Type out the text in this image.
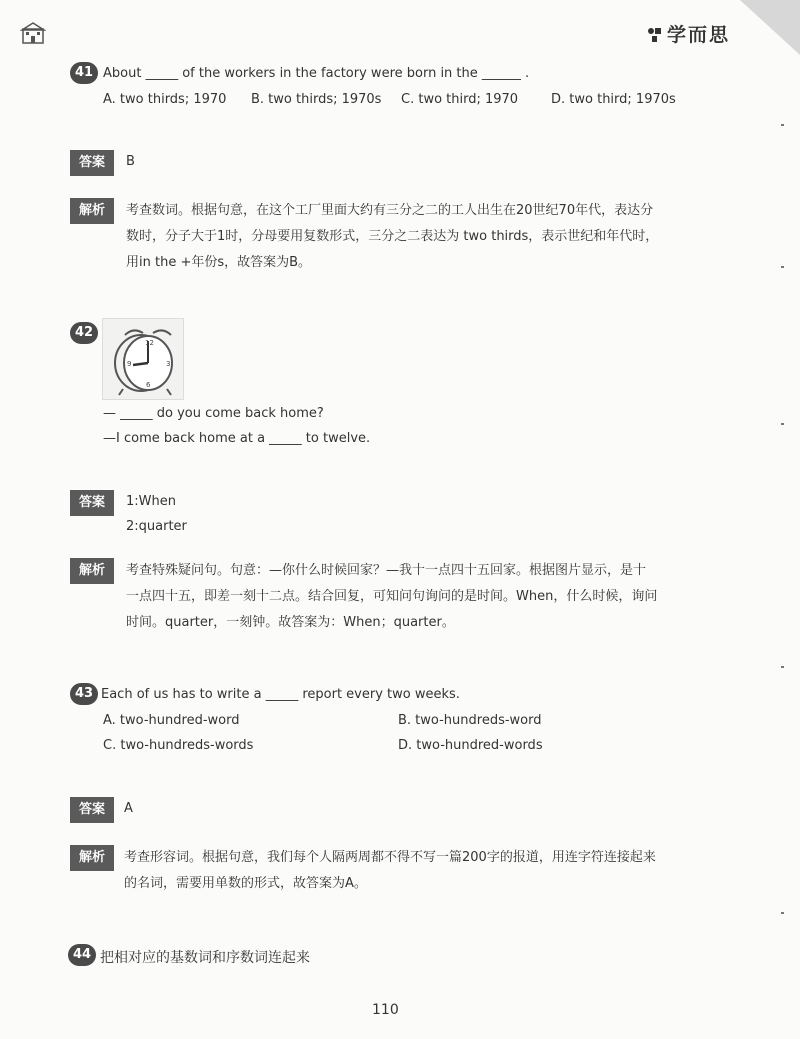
学而思
41 About _____ of the workers in the factory were born in the ______ .
A. two thirds; 1970 B. two thirds; 1970s C. two third; 1970	D. two third; 1970s
答案	B
解析	考查数词。根据句意，在这个工厂里面大约有三分之二的工人出生在20世纪70年代，表达分
数时，分子大于1时，分母要用复数形式，三分之二表达为 two thirds，表示世纪和年代时，
用in the +年份s，故答案为B。
42
12
3
6
9
— _____ do you come back home?
—I come back home at a _____ to twelve.
答案	1:When
2:quarter
解析	考查特殊疑问句。句意：—你什么时候回家？—我十一点四十五回家。根据图片显示，是十
一点四十五，即差一刻十二点。结合回复，可知问句询问的是时间。When，什么时候，询问
时间。quarter，一刻钟。故答案为：When；quarter。
43 Each of us has to write a _____ report every two weeks.
A. two-hundred-word	B. two-hundreds-word
C. two-hundreds-words	D. two-hundred-words
答案	A
解析	考查形容词。根据句意，我们每个人隔两周都不得不写一篇200字的报道，用连字符连接起来
的名词，需要用单数的形式，故答案为A。
44 把相对应的基数词和序数词连起来
110
